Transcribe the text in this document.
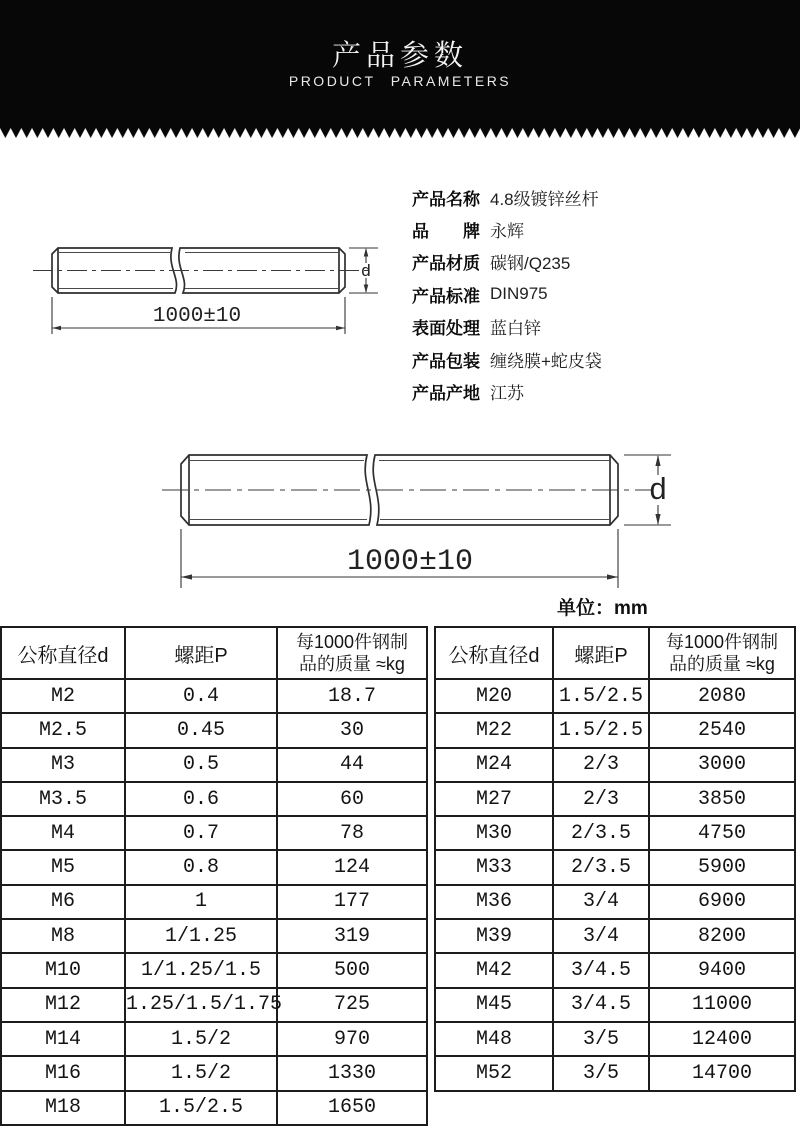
产品参数
PRODUCT PARAMETERS
d
1000±10
产品名称 4.8级镀锌丝杆
品　　牌 永辉
产品材质 碳钢/Q235
产品标准 DIN975
表面处理 蓝白锌
产品包装 缠绕膜+蛇皮袋
产品产地 江苏
d
1000±10
单位：mm
公称直径d	螺距P	每1000件钢制
品的质量 ≈kg

M2	0.4	18.7
M2.5	0.45	30
M3	0.5	44
M3.5	0.6	60
M4	0.7	78
M5	0.8	124
M6	1	177
M8	1/1.25	319
M10	1/1.25/1.5	500
M12	1.25/1.5/1.75	725
M14	1.5/2	970
M16	1.5/2	1330
M18	1.5/2.5	1650
公称直径d	螺距P	每1000件钢制
品的质量 ≈kg

M20	1.5/2.5	2080
M22	1.5/2.5	2540
M24	2/3	3000
M27	2/3	3850
M30	2/3.5	4750
M33	2/3.5	5900
M36	3/4	6900
M39	3/4	8200
M42	3/4.5	9400
M45	3/4.5	11000
M48	3/5	12400
M52	3/5	14700
